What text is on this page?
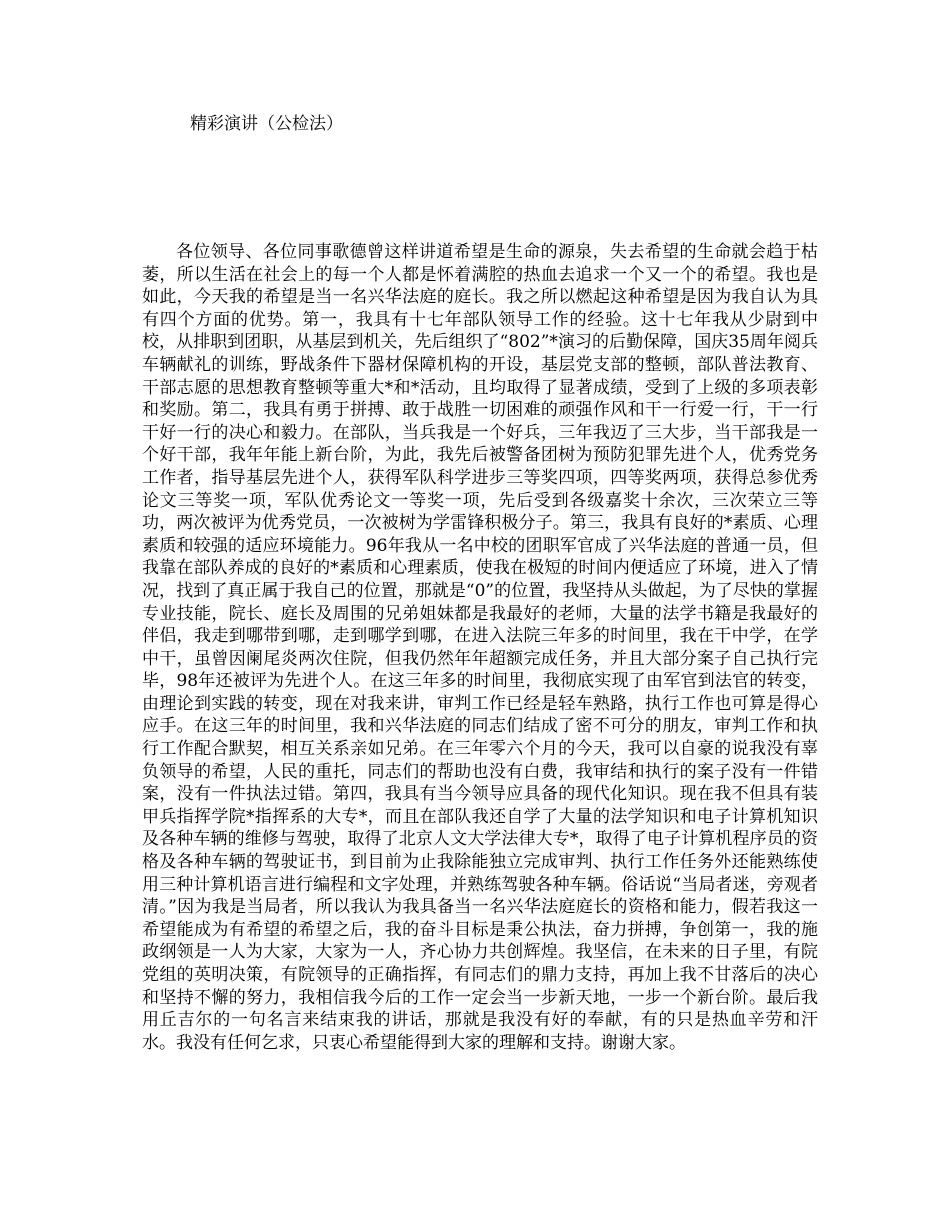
精彩演讲（公检法）

各位领导、各位同事歌德曾这样讲道希望是生命的源泉，失去希望的生命就会趋于枯萎，所以生活在社会上的每一个人都是怀着满腔的热血去追求一个又一个的希望。我也是如此，今天我的希望是当一名兴华法庭的庭长。我之所以燃起这种希望是因为我自认为具有四个方面的优势。第一，我具有十七年部队领导工作的经验。这十七年我从少尉到中校，从排职到团职，从基层到机关，先后组织了“802”*演习的后勤保障，国庆35周年阅兵车辆献礼的训练，野战条件下器材保障机构的开设，基层党支部的整顿，部队普法教育、干部志愿的思想教育整顿等重大*和*活动，且均取得了显著成绩，受到了上级的多项表彰和奖励。第二，我具有勇于拼搏、敢于战胜一切困难的顽强作风和干一行爱一行，干一行干好一行的决心和毅力。在部队，当兵我是一个好兵，三年我迈了三大步，当干部我是一个好干部，我年年能上新台阶，为此，我先后被警备团树为预防犯罪先进个人，优秀党务工作者，指导基层先进个人，获得军队科学进步三等奖四项，四等奖两项，获得总参优秀论文三等奖一项，军队优秀论文一等奖一项，先后受到各级嘉奖十余次，三次荣立三等功，两次被评为优秀党员，一次被树为学雷锋积极分子。第三，我具有良好的*素质、心理素质和较强的适应环境能力。96年我从一名中校的团职军官成了兴华法庭的普通一员，但我靠在部队养成的良好的*素质和心理素质，使我在极短的时间内便适应了环境，进入了情况，找到了真正属于我自己的位置，那就是“0”的位置，我坚持从头做起，为了尽快的掌握专业技能，院长、庭长及周围的兄弟姐妹都是我最好的老师，大量的法学书籍是我最好的伴侣，我走到哪带到哪，走到哪学到哪，在进入法院三年多的时间里，我在干中学，在学中干，虽曾因阑尾炎两次住院，但我仍然年年超额完成任务，并且大部分案子自己执行完毕，98年还被评为先进个人。在这三年多的时间里，我彻底实现了由军官到法官的转变，由理论到实践的转变，现在对我来讲，审判工作已经是轻车熟路，执行工作也可算是得心应手。在这三年的时间里，我和兴华法庭的同志们结成了密不可分的朋友，审判工作和执行工作配合默契，相互关系亲如兄弟。在三年零六个月的今天，我可以自豪的说我没有辜负领导的希望，人民的重托，同志们的帮助也没有白费，我审结和执行的案子没有一件错案，没有一件执法过错。第四，我具有当今领导应具备的现代化知识。现在我不但具有装甲兵指挥学院*指挥系的大专*，而且在部队我还自学了大量的法学知识和电子计算机知识及各种车辆的维修与驾驶，取得了北京人文大学法律大专*，取得了电子计算机程序员的资格及各种车辆的驾驶证书，到目前为止我除能独立完成审判、执行工作任务外还能熟练使用三种计算机语言进行编程和文字处理，并熟练驾驶各种车辆。俗话说“当局者迷，旁观者清。”因为我是当局者，所以我认为我具备当一名兴华法庭庭长的资格和能力，假若我这一希望能成为有希望的希望之后，我的奋斗目标是秉公执法，奋力拼搏，争创第一，我的施政纲领是一人为大家，大家为一人，齐心协力共创辉煌。我坚信，在未来的日子里，有院党组的英明决策，有院领导的正确指挥，有同志们的鼎力支持，再加上我不甘落后的决心和坚持不懈的努力，我相信我今后的工作一定会当一步新天地，一步一个新台阶。最后我用丘吉尔的一句名言来结束我的讲话，那就是我没有好的奉献，有的只是热血辛劳和汗水。我没有任何乞求，只衷心希望能得到大家的理解和支持。谢谢大家。
